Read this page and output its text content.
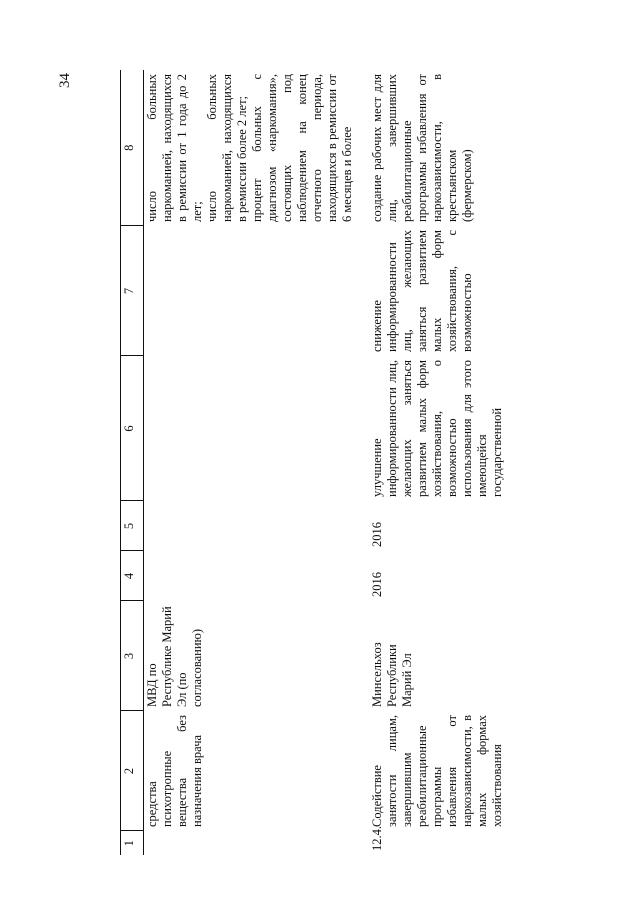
34
1	2	3	4	5	6	7	8
	средства психотропные вещества без назначения врача	МВД по Республике Марий Эл (по согласованию)					число больных наркоманией, находящихся в ремиссии от 1 года до 2 лет; число больных наркоманией, находящихся в ремиссии более 2 лет; процент больных с диагнозом «наркомания», состоящих под наблюдением на конец отчетного периода, находящихся в ремиссии от 6 месяцев и более

12.4.	Содействие занятости лицам, завершившим реабилитационные программы избавления от наркозависимости, в малых формах хозяйствования	Минсельхоз Республики Марий Эл	2016	2016	улучшение информированности лиц, желающих заняться развитием малых форм хозяйствования, о возможностью использования для этого имеющейся государственной	снижение информированности лиц, желающих заняться развитием малых форм хозяйствования, с возможностью	создание рабочих мест для лиц, завершивших реабилитационные программы избавления от наркозависимости, в крестьянском (фермерском)
